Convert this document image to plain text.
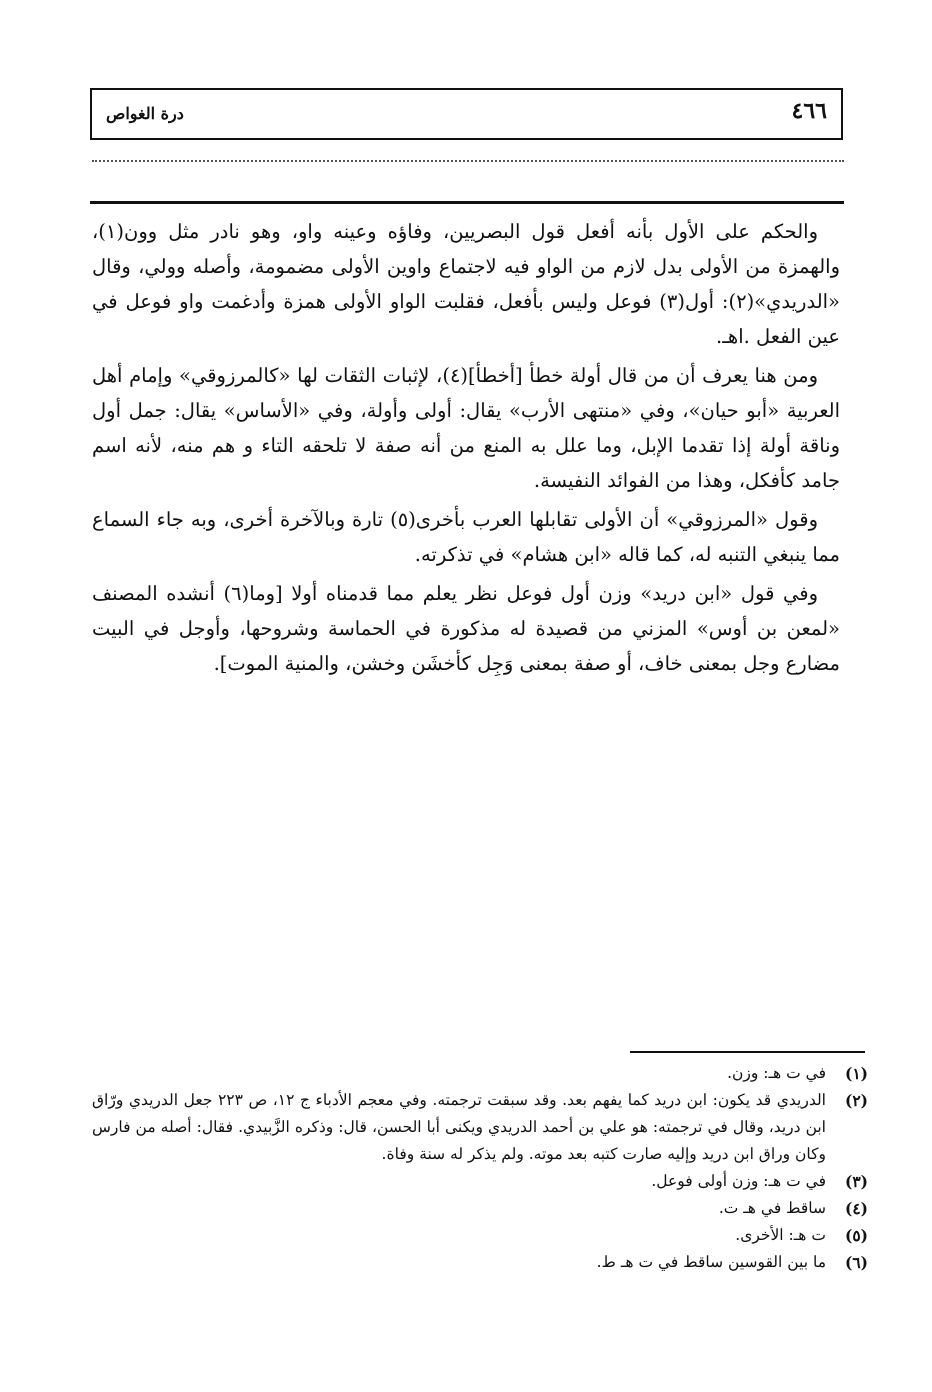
٤٦٦
درة الغواص

والحكم على الأول بأنه أفعل قول البصريين، وفاؤه وعينه واو، وهو نادر مثل وون(١)، والهمزة من الأولى بدل لازم من الواو فيه لاجتماع واوين الأولى مضمومة، وأصله وولي، وقال «الدريدي»(٢): أول(٣) فوعل وليس بأفعل، فقلبت الواو الأولى همزة وأدغمت واو فوعل في عين الفعل .اهـ.

ومن هنا يعرف أن من قال أولة خطأ [أخطأ](٤)، لإثبات الثقات لها «كالمرزوقي» وإمام أهل العربية «أبو حيان»، وفي «منتهى الأرب» يقال: أولى وأولة، وفي «الأساس» يقال: جمل أول وناقة أولة إذا تقدما الإبل، وما علل به المنع من أنه صفة لا تلحقه التاء و هم منه، لأنه اسم جامد كأفكل، وهذا من الفوائد النفيسة.

وقول «المرزوقي» أن الأولى تقابلها العرب بأخرى(٥) تارة وبالآخرة أخرى، وبه جاء السماع مما ينبغي التنبه له، كما قاله «ابن هشام» في تذكرته.

وفي قول «ابن دريد» وزن أول فوعل نظر يعلم مما قدمناه أولا [وما(٦) أنشده المصنف «لمعن بن أوس» المزني من قصيدة له مذكورة في الحماسة وشروحها، وأوجل في البيت مضارع وجل بمعنى خاف، أو صفة بمعنى وَجِل كأخشَن وخشن، والمنية الموت].

(١)
في ت هـ: وزن.
(٢)
الدريدي قد يكون: ابن دريد كما يفهم بعد. وقد سبقت ترجمته. وفي معجم الأدباء ج ١٢، ص ٢٢٣ جعل الدريدي ورّاق ابن دريد، وقال في ترجمته: هو علي بن أحمد الدريدي ويكنى أبا الحسن، قال: وذكره الزَّبيدي. فقال: أصله من فارس وكان وراق ابن دريد وإليه صارت كتبه بعد موته. ولم يذكر له سنة وفاة.
(٣)
في ت هـ: وزن أولى فوعل.
(٤)
ساقط في هـ ت.
(٥)
ت هـ: الأخرى.
(٦)
ما بين القوسين ساقط في ت هـ ط.
